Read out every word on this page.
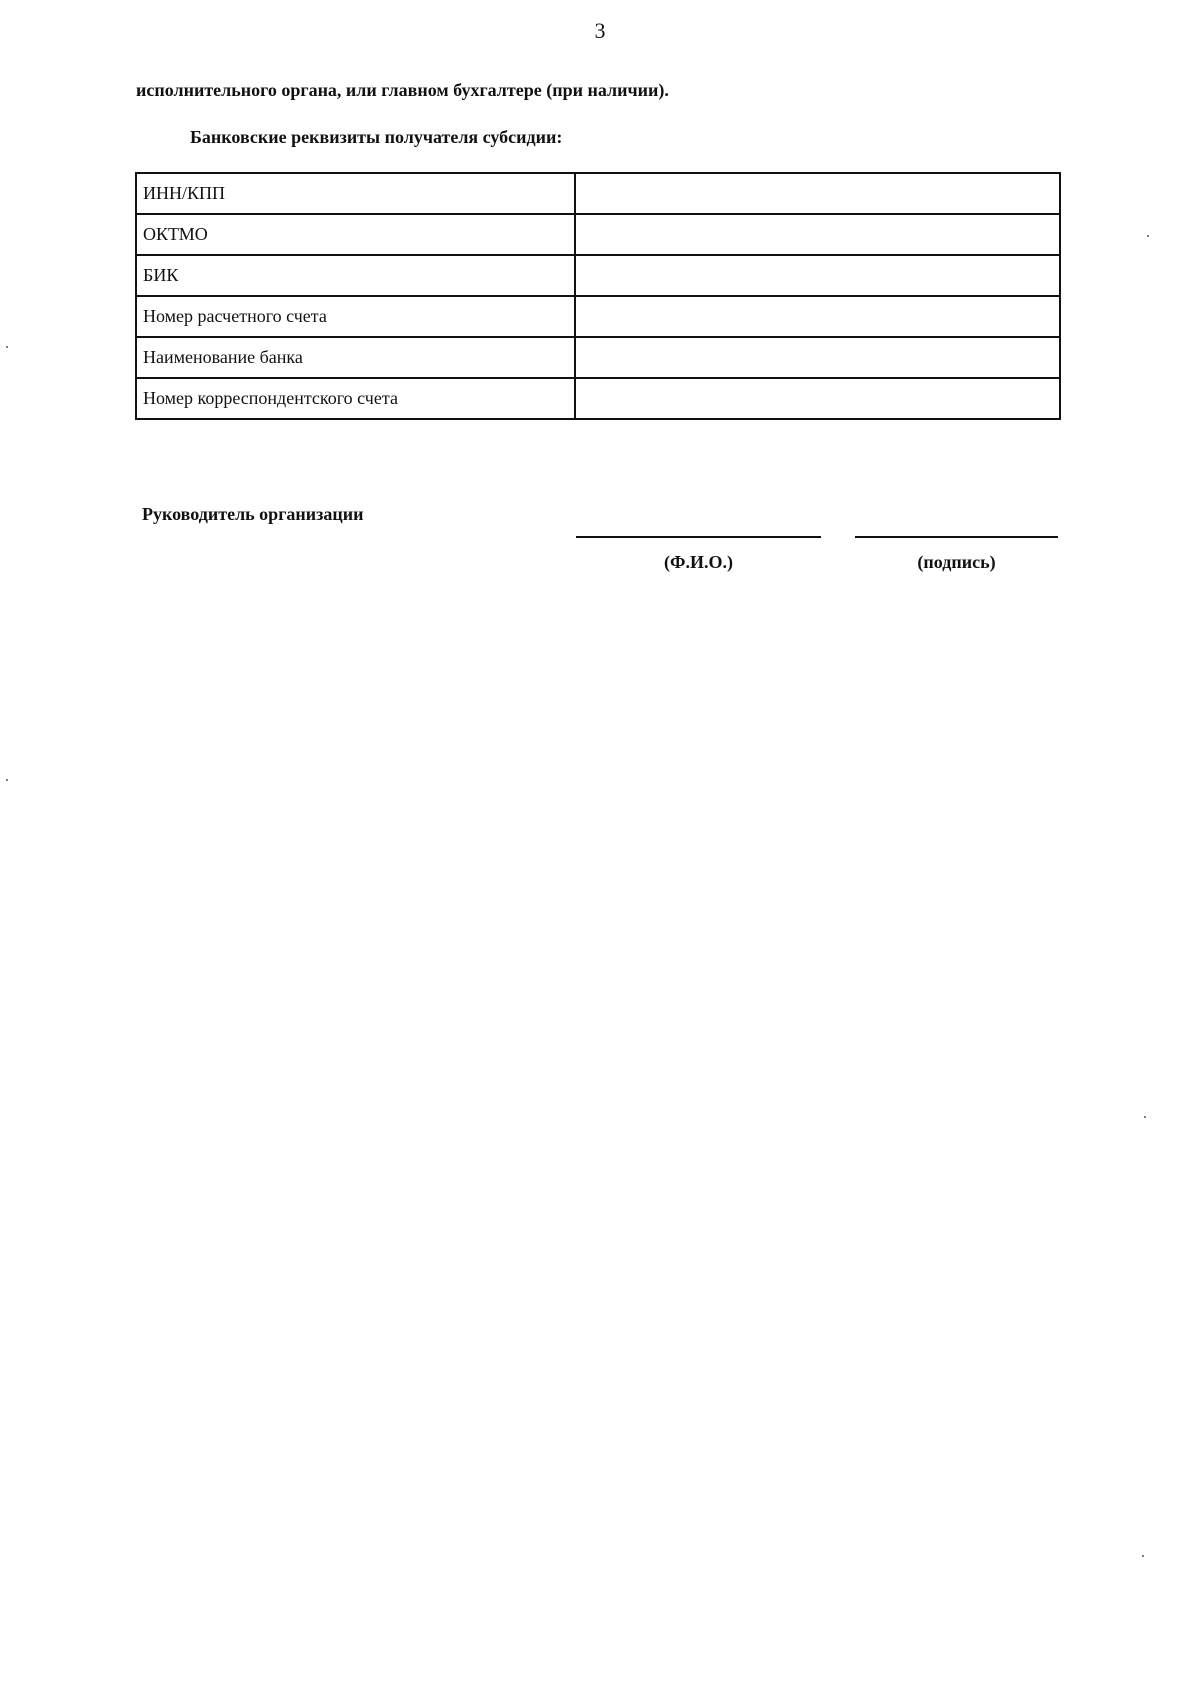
3
исполнительного органа, или главном бухгалтере (при наличии).
Банковские реквизиты получателя субсидии:
ИНН/КПП	
ОКТМО	
БИК	
Номер расчетного счета	
Наименование банка	
Номер корреспондентского счета	
Руководитель организации
(Ф.И.О.)	(подпись)
